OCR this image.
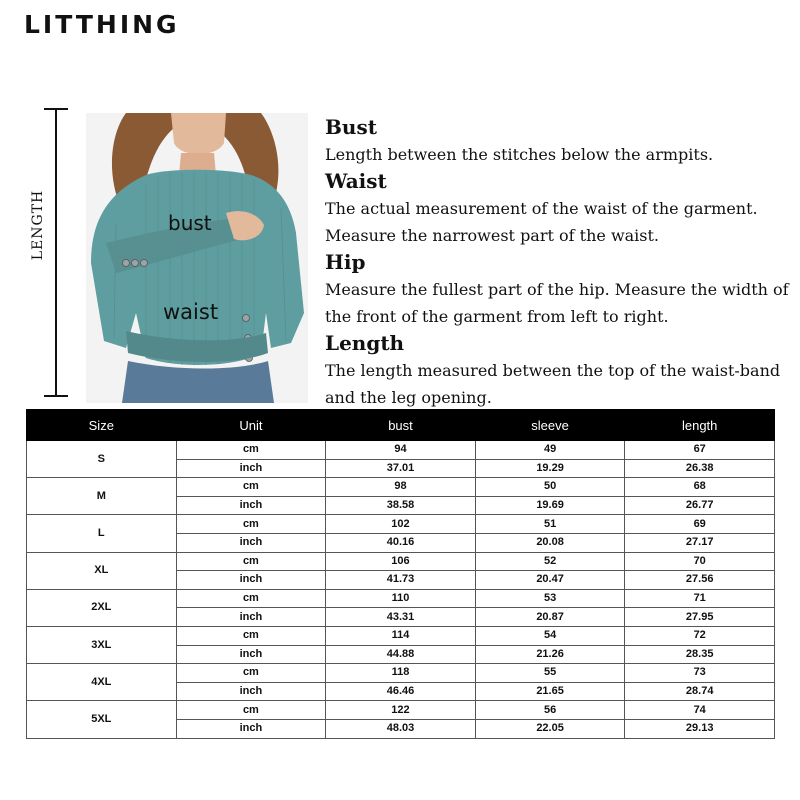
LITTHING
LENGTH	bust
waist
Bust
Length between the stitches below the armpits.
Waist
The actual measurement of the waist of the garment. Measure the narrowest part of the waist.
Hip
Measure the fullest part of the hip. Measure the width of the front of the garment from left to right.
Length
The length measured between the top of the waist-band and the leg opening.
Size	Unit	bust	sleeve	length
S	cm	94	49	67
	inch	37.01	19.29	26.38
M	cm	98	50	68
	inch	38.58	19.69	26.77
L	cm	102	51	69
	inch	40.16	20.08	27.17
XL	cm	106	52	70
	inch	41.73	20.47	27.56
2XL	cm	110	53	71
	inch	43.31	20.87	27.95
3XL	cm	114	54	72
	inch	44.88	21.26	28.35
4XL	cm	118	55	73
	inch	46.46	21.65	28.74
5XL	cm	122	56	74
	inch	48.03	22.05	29.13
